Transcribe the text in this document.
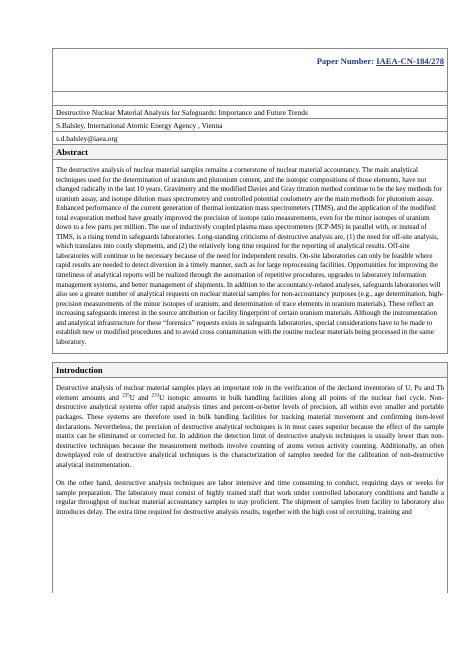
Paper Number: IAEA-CN-184/278
Destructive Nuclear Material Analysis for Safeguards: Importance and Future Trends
S.Balsley, International Atomic Energy Agency , Vienna
s.d.balsley@iaea.org
Abstract
The destructive analysis of nuclear material samples remains a cornerstone of nuclear material accountancy. The main analytical techniques used for the determination of uranium and plutonium content, and the isotopic compositions of those elements, have not changed radically in the last 10 years. Gravimetry and the modified Davies and Gray titration method continue to be the key methods for uranium assay, and isotope dilution mass spectrometry and controlled potential coulometry are the main methods for plutonium assay. Enhanced performance of the current generation of thermal ionization mass spectrometers (TIMS), and the application of the modified total evaporation method have greatly improved the precision of isotope ratio measurements, even for the minor isotopes of uranium down to a few parts per million. The use of inductively coupled plasma mass spectrometers (ICP-MS) in parallel with, or instead of TIMS, is a rising trend in safeguards laboratories. Long-standing criticisms of destructive analysis are, (1) the need for off-site analysis, which translates into costly shipments, and (2) the relatively long time required for the reporting of analytical results. Off-site laboratories will continue to be necessary because of the need for independent results. On-site laboratories can only be feasible where rapid results are needed to detect diversion in a timely manner, such as for large reprocessing facilities. Opportunities for improving the timeliness of analytical reports will be realized through the automation of repetitive procedures, upgrades to laboratory information management systems, and better management of shipments. In addition to the accountancy-related analyses, safeguards laboratories will also see a greater number of analytical requests on nuclear material samples for non-accountancy purposes (e.g., age determination, high-precision measurements of the minor isotopes of uranium, and determination of trace elements in uranium materials). These reflect an increasing safeguards interest in the source attribution or facility fingerprint of certain uranium materials. Although the instrumentation and analytical infrastructure for these “forensics” requests exists in safeguards laboratories, special considerations have to be made to establish new or modified procedures and to avoid cross contamination with the routine nuclear materials being processed in the same laboratory.
Introduction

Destructive analysis of nuclear material samples plays an important role in the verification of the declared inventories of U, Pu and Th element amounts and $^{235}$U and $^{233}$U isotopic amounts in bulk handling facilities along all points of the nuclear fuel cycle. Non-destructive analytical systems offer rapid analysis times and percent-or-better levels of precision, all within ever smaller and portable packages. These systems are therefore used in bulk handling facilities for tracking material movement and confirming item-level declarations. Nevertheless, the precision of destructive analytical techniques is in most cases superior because the effect of the sample matrix can be eliminated or corrected for. In addition the detection limit of destructive analysis techniques is usually lower than non-destructive techniques because the measurement methods involve counting of atoms versus activity counting. Additionally, an often downplayed role of destructive analytical techniques is the characterization of samples needed for the calibration of non-destructive analytical instrumentation.

On the other hand, destructive analysis techniques are labor intensive and time consuming to conduct, requiring days or weeks for sample preparation. The laboratory must consist of highly trained staff that work under controlled laboratory conditions and handle a regular throughput of nuclear material accountancy samples to stay proficient. The shipment of samples from facility to laboratory also introduces delay. The extra time required for destructive analysis results, together with the high cost of recruiting, training and
